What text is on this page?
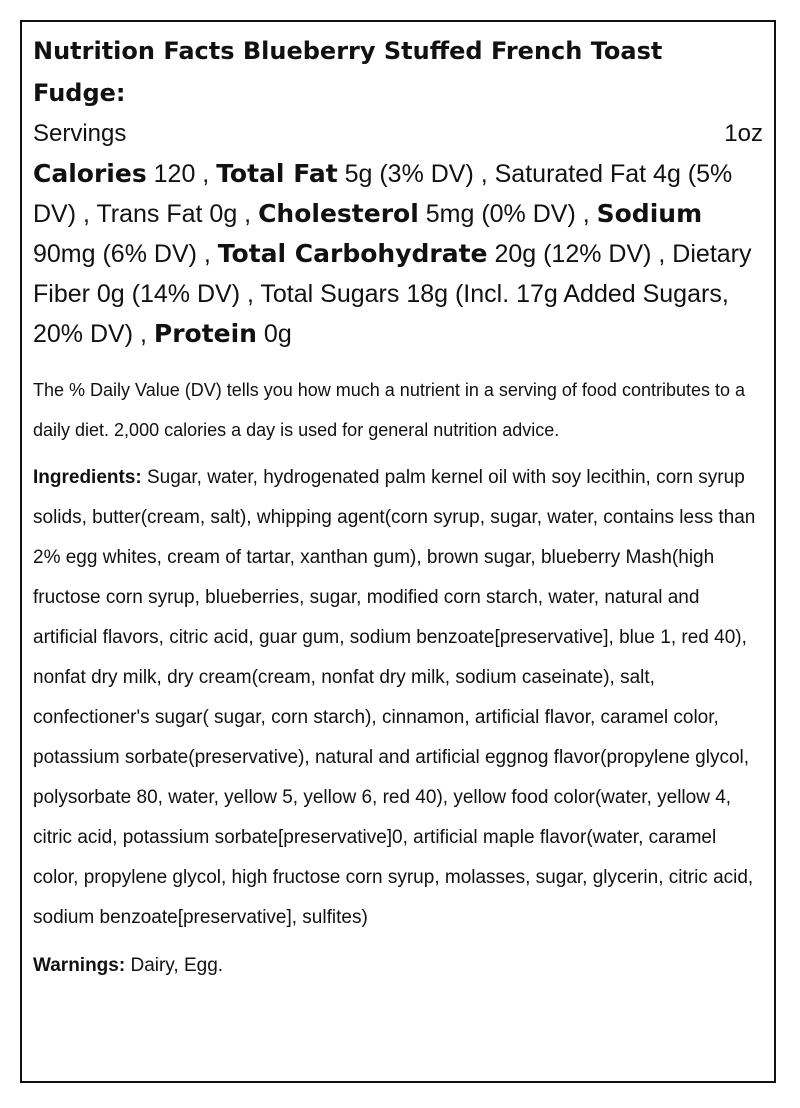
Nutrition Facts Blueberry Stuffed French Toast Fudge:

Servings	1oz

Calories 120 , Total Fat 5g (3% DV) , Saturated Fat 4g (5% DV) , Trans Fat 0g , Cholesterol 5mg (0% DV) , Sodium 90mg (6% DV) , Total Carbohydrate 20g (12% DV) , Dietary Fiber 0g (14% DV) , Total Sugars 18g (Incl. 17g Added Sugars, 20% DV) , Protein 0g

The % Daily Value (DV) tells you how much a nutrient in a serving of food contributes to a daily diet. 2,000 calories a day is used for general nutrition advice.

Ingredients: Sugar, water, hydrogenated palm kernel oil with soy lecithin, corn syrup solids, butter(cream, salt), whipping agent(corn syrup, sugar, water, contains less than 2% egg whites, cream of tartar, xanthan gum), brown sugar, blueberry Mash(high fructose corn syrup, blueberries, sugar, modified corn starch, water, natural and artificial flavors, citric acid, guar gum, sodium benzoate[preservative], blue 1, red 40), nonfat dry milk, dry cream(cream, nonfat dry milk, sodium caseinate), salt, confectioner's sugar( sugar, corn starch), cinnamon, artificial flavor, caramel color, potassium sorbate(preservative), natural and artificial eggnog flavor(propylene glycol, polysorbate 80, water, yellow 5, yellow 6, red 40), yellow food color(water, yellow 4, citric acid, potassium sorbate[preservative]0, artificial maple flavor(water, caramel color, propylene glycol, high fructose corn syrup, molasses, sugar, glycerin, citric acid, sodium benzoate[preservative], sulfites)

Warnings: Dairy, Egg.
